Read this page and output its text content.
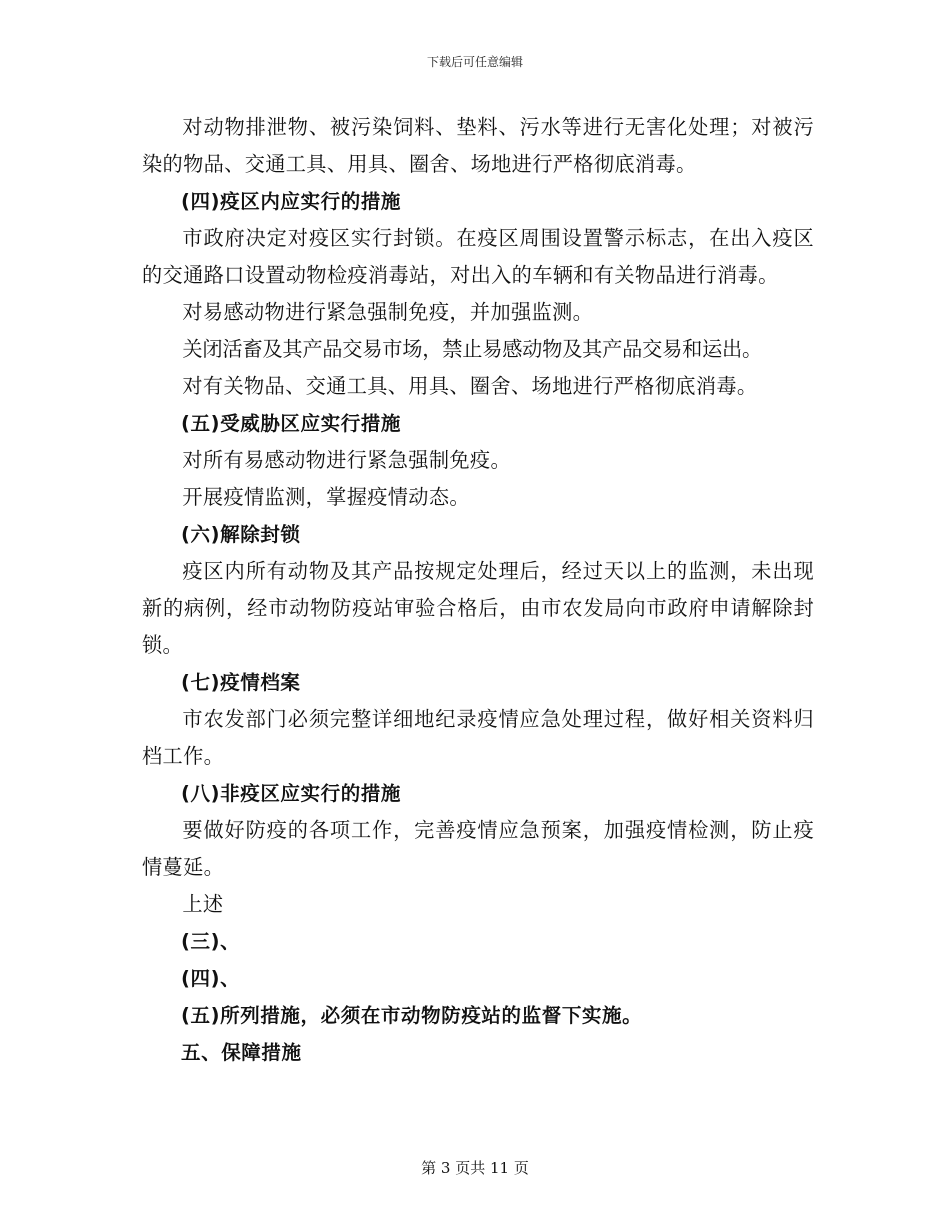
下载后可任意编辑

对动物排泄物、被污染饲料、垫料、污水等进行无害化处理；对被污染的物品、交通工具、用具、圈舍、场地进行严格彻底消毒。

(四)疫区内应实行的措施

市政府决定对疫区实行封锁。在疫区周围设置警示标志，在出入疫区的交通路口设置动物检疫消毒站，对出入的车辆和有关物品进行消毒。

对易感动物进行紧急强制免疫，并加强监测。

关闭活畜及其产品交易市场，禁止易感动物及其产品交易和运出。

对有关物品、交通工具、用具、圈舍、场地进行严格彻底消毒。

(五)受威胁区应实行措施

对所有易感动物进行紧急强制免疫。

开展疫情监测，掌握疫情动态。

(六)解除封锁

疫区内所有动物及其产品按规定处理后，经过天以上的监测，未出现新的病例，经市动物防疫站审验合格后，由市农发局向市政府申请解除封锁。

(七)疫情档案

市农发部门必须完整详细地纪录疫情应急处理过程，做好相关资料归档工作。

(八)非疫区应实行的措施

要做好防疫的各项工作，完善疫情应急预案，加强疫情检测，防止疫情蔓延。

上述

(三)、

(四)、

(五)所列措施，必须在市动物防疫站的监督下实施。

五、保障措施

第 3 页共 11 页
